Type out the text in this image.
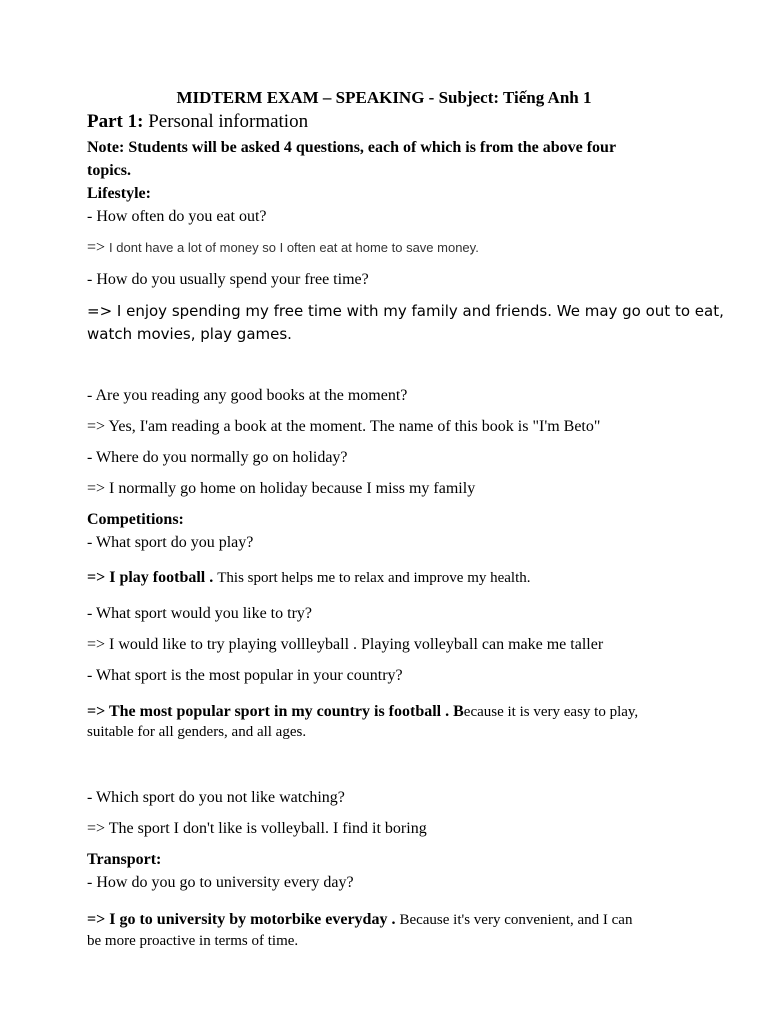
MIDTERM EXAM – SPEAKING - Subject: Tiếng Anh 1
Part 1: Personal information
Note: Students will be asked 4 questions, each of which is from the above four
topics.
Lifestyle:
- How often do you eat out?
=> I dont have a lot of money so I often eat at home to save money.
- How do you usually spend your free time?
=> I enjoy spending my free time with my family and friends. We may go out to eat,
watch movies, play games.
- Are you reading any good books at the moment?
=> Yes, I'am reading a book at the moment. The name of this book is "I'm Beto"
- Where do you normally go on holiday?
=> I normally go home on holiday because I miss my family
Competitions:
- What sport do you play?
=> I play football . This sport helps me to relax and improve my health.
- What sport would you like to try?
=> I would like to try playing vollleyball . Playing volleyball can make me taller
- What sport is the most popular in your country?
=> The most popular sport in my country is football . Because it is very easy to play,
suitable for all genders, and all ages.
- Which sport do you not like watching?
=> The sport I don't like is volleyball. I find it boring
Transport:
- How do you go to university every day?
=> I go to university by motorbike everyday . Because it's very convenient, and I can
be more proactive in terms of time.
